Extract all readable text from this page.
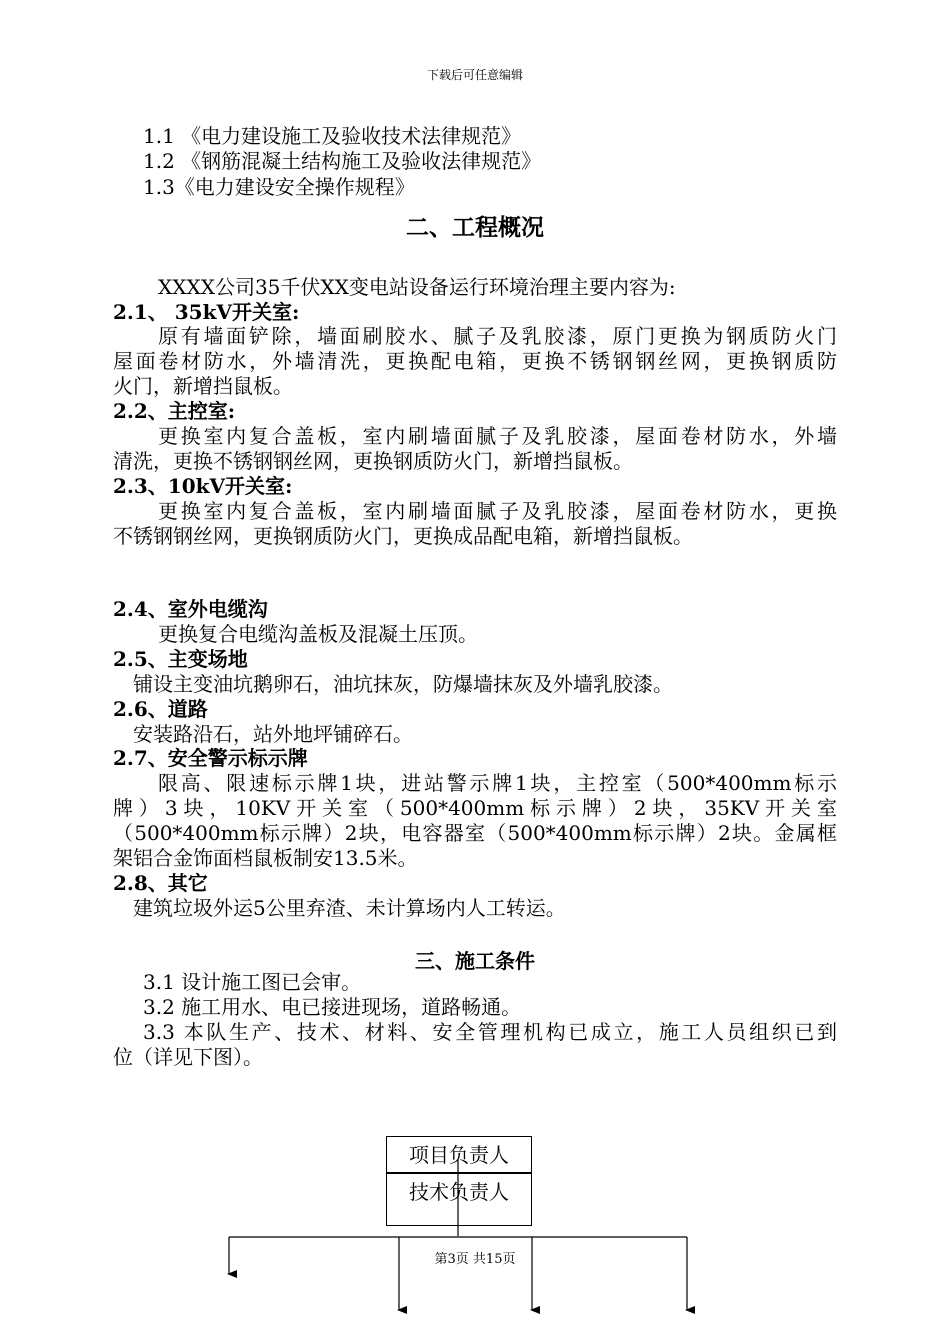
下载后可任意编辑
1.1 《电力建设施工及验收技术法律规范》
1.2 《钢筋混凝土结构施工及验收法律规范》
1.3《电力建设安全操作规程》
二、工程概况
XXXX公司35千伏XX变电站设备运行环境治理主要内容为:
2.1、 35kV开关室:
原有墙面铲除，墙面刷胶水、腻子及乳胶漆，原门更换为钢质防火门
屋面卷材防水，外墙清洗，更换配电箱，更换不锈钢钢丝网，更换钢质防
火门，新增挡鼠板。
2.2、主控室:
更换室内复合盖板，室内刷墙面腻子及乳胶漆，屋面卷材防水，外墙
清洗，更换不锈钢钢丝网，更换钢质防火门，新增挡鼠板。
2.3、10kV开关室:
更换室内复合盖板，室内刷墙面腻子及乳胶漆，屋面卷材防水，更换
不锈钢钢丝网，更换钢质防火门，更换成品配电箱，新增挡鼠板。
2.4、室外电缆沟
更换复合电缆沟盖板及混凝土压顶。
2.5、主变场地
铺设主变油坑鹅卵石，油坑抹灰，防爆墙抹灰及外墙乳胶漆。
2.6、道路
安装路沿石，站外地坪铺碎石。
2.7、安全警示标示牌
限高、限速标示牌1块，进站警示牌1块，主控室（500*400mm标示
牌）3块，10KV开关室（500*400mm标示牌）2块，35KV开关室
（500*400mm标示牌）2块，电容器室（500*400mm标示牌）2块。金属框
架铝合金饰面档鼠板制安13.5米。
2.8、其它
建筑垃圾外运5公里弃渣、未计算场内人工转运。
三、施工条件
3.1 设计施工图已会审。
3.2 施工用水、电已接进现场，道路畅通。
3.3 本队生产、技术、材料、安全管理机构已成立，施工人员组织已到
位（详见下图）。
项目负责人
技术负责人
第3页 共15页
